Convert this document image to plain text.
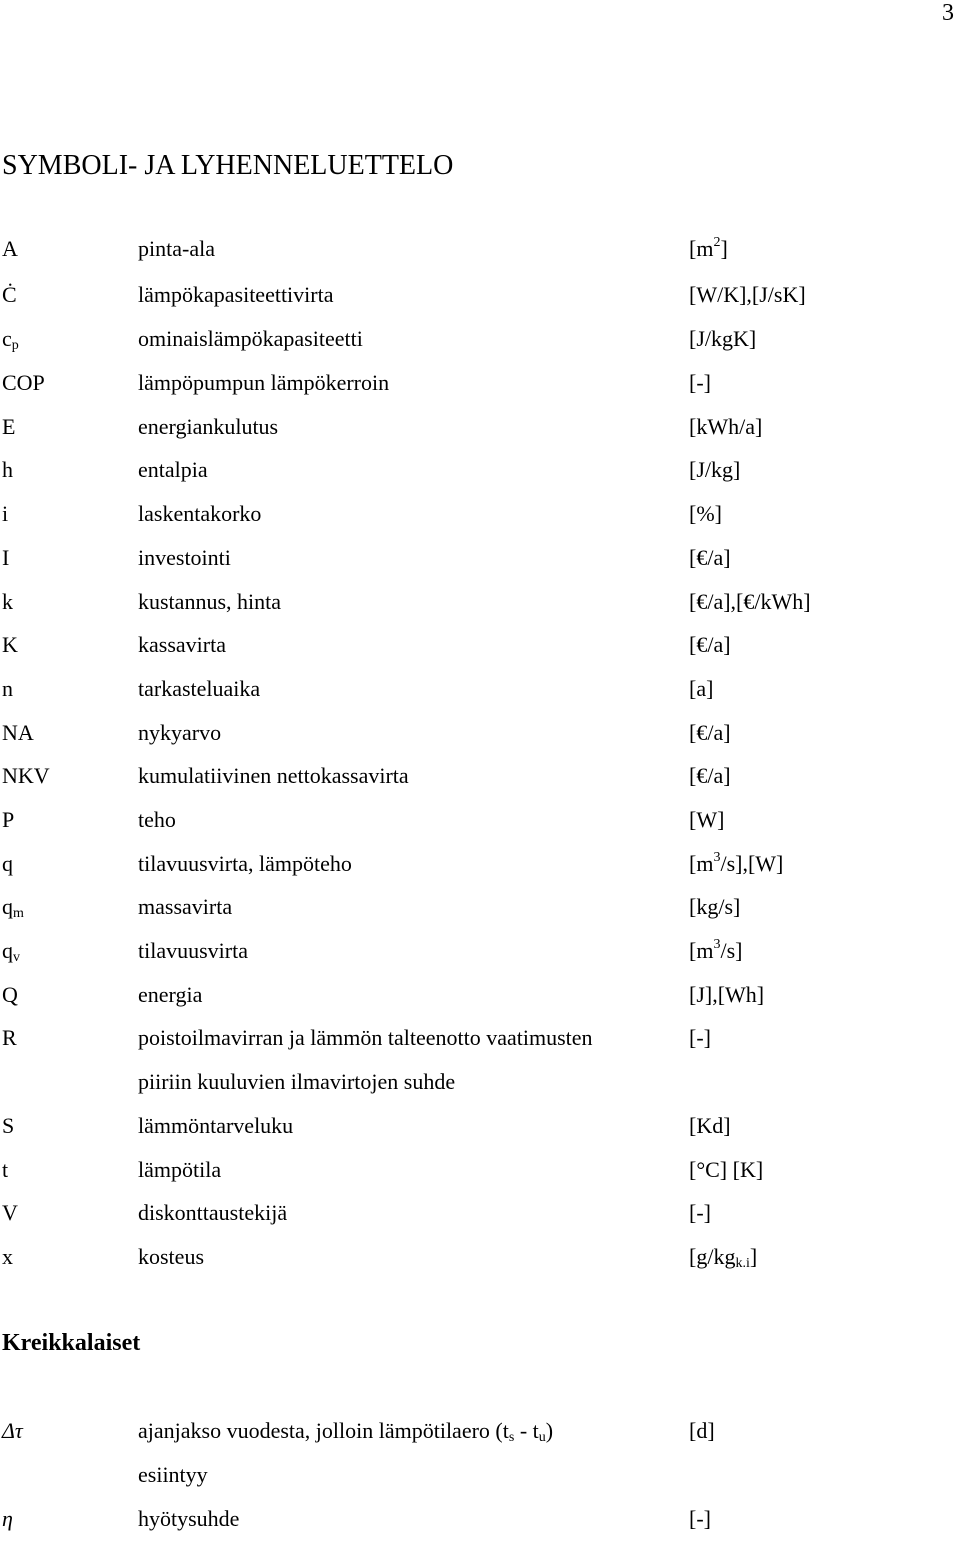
3
SYMBOLI- JA LYHENNELUETTELO
A	pinta-ala	$[m^2]$
Ċ	lämpökapasiteettivirta	[W/K],[J/sK]
$c_p$	ominaislämpökapasiteetti	[J/kgK]
COP	lämpöpumpun lämpökerroin	[-]
E	energiankulutus	[kWh/a]
h	entalpia	[J/kg]
i	laskentakorko	[%]
I	investointi	[€/a]
k	kustannus, hinta	[€/a],[€/kWh]
K	kassavirta	[€/a]
n	tarkasteluaika	[a]
NA	nykyarvo	[€/a]
NKV	kumulatiivinen nettokassavirta	[€/a]
P	teho	[W]
q	tilavuusvirta, lämpöteho	$[m^3/s],[W]$
$q_m$	massavirta	[kg/s]
$q_v$	tilavuusvirta	$[m^3/s]$
Q	energia	[J],[Wh]
R	poistoilmavirran ja lämmön talteenotto vaatimusten	[-]
piiriin kuuluvien ilmavirtojen suhde
S	lämmöntarveluku	[Kd]
t	lämpötila	[°C] [K]
V	diskonttaustekijä	[-]
x	kosteus	$[g/kg_{k.i}]$
Kreikkalaiset
Δτ	ajanjakso vuodesta, jolloin lämpötilaero $(t_s - t_u)$	[d]
esiintyy
η	hyötysuhde	[-]
